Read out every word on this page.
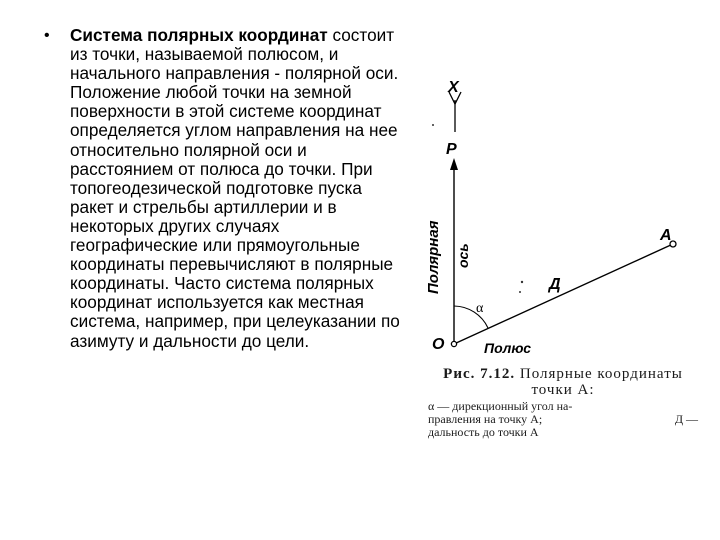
• Система полярных координат состоит из точки, называемой полюсом, и начального направления - полярной оси. Положение любой точки на земной поверхности в этой системе координат определяется углом направления на нее относительно полярной оси и расстоянием от полюса до точки. При топогеодезической подготовке пуска ракет и стрельбы артиллерии и в некоторых других случаях географические или прямоугольные координаты перевычисляют в полярные координаты. Часто система полярных координат используется как местная система, например, при целеуказании по азимуту и дальности до цели.
X
P
Полярная ось
А
Д
α
О	Полюс
Рис. 7.12. Полярные координаты точки А:
α — дирекционный угол на-
правления на точку А;	Д —
дальность до точки А
